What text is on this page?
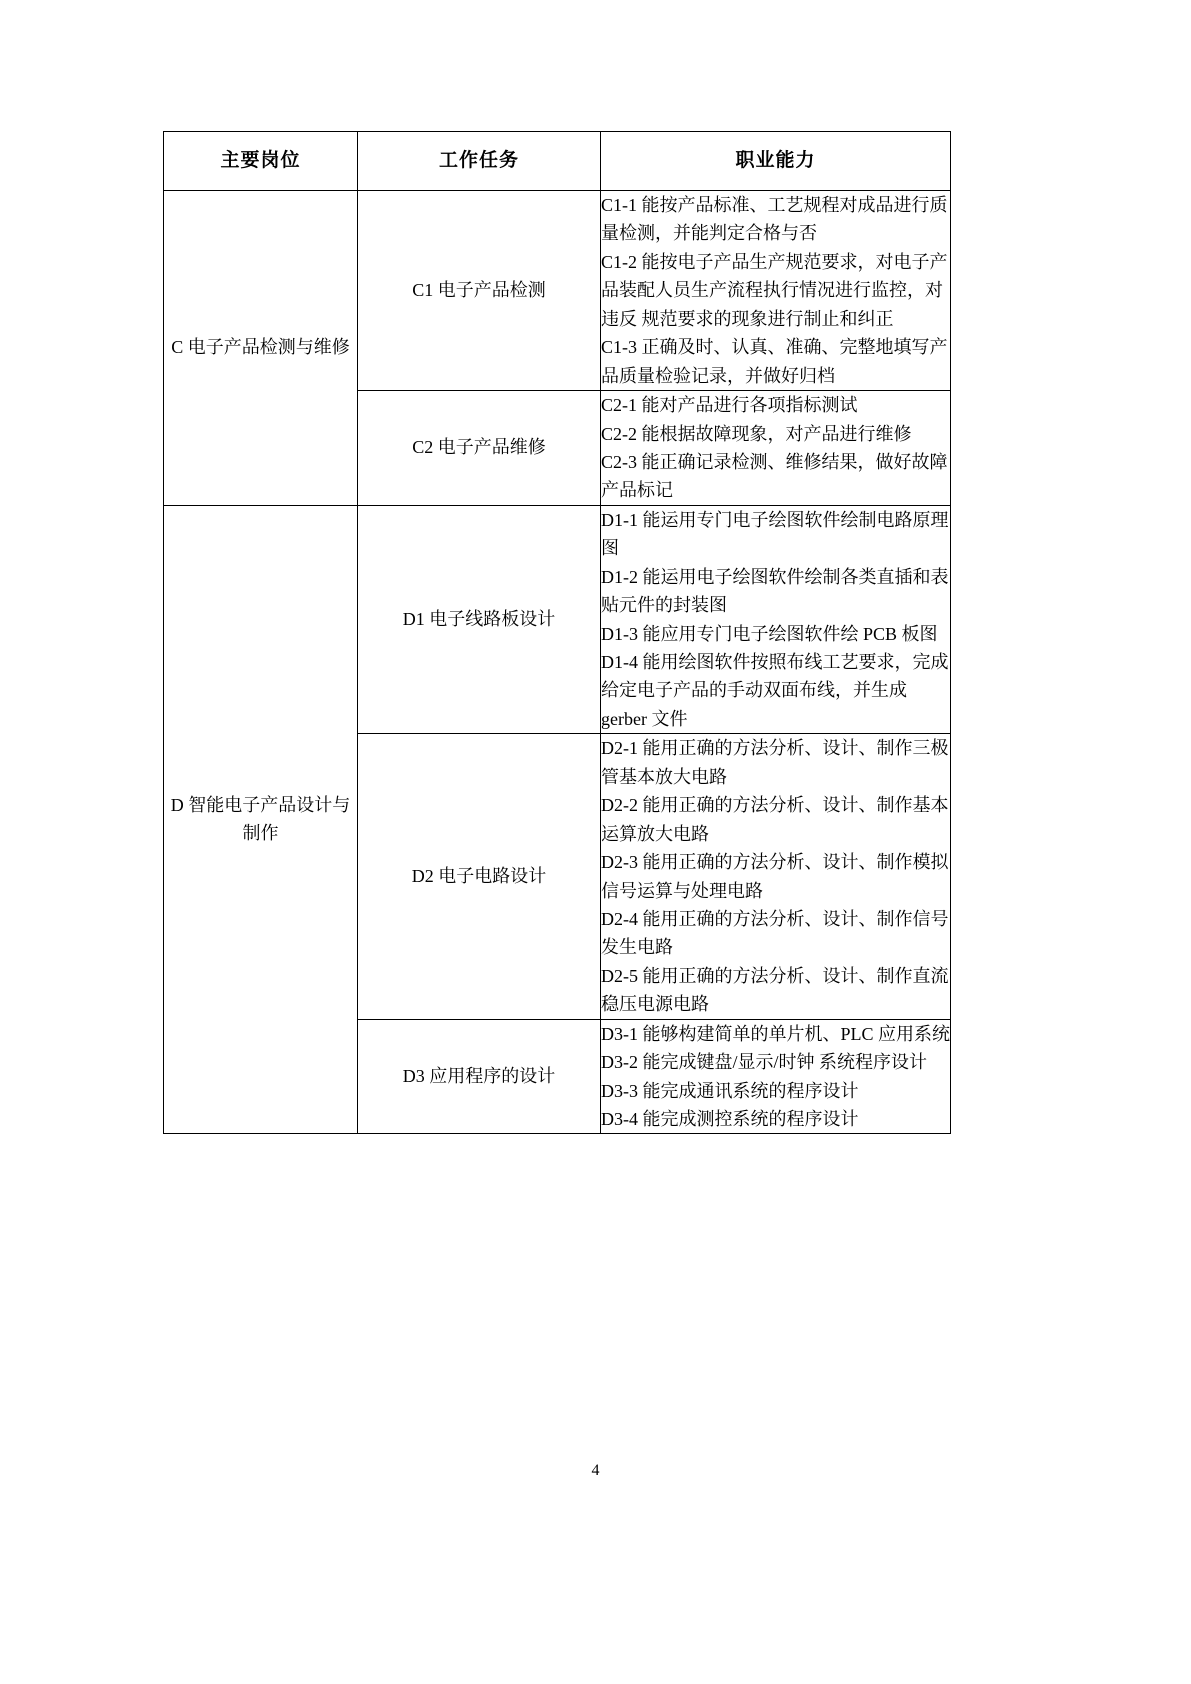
主要岗位	工作任务	职业能力
C 电子产品检测与维修	C1 电子产品检测	C1-1 能按产品标准、工艺规程对成品进行质量检测，并能判定合格与否

C1-2 能按电子产品生产规范要求，对电子产品装配人员生产流程执行情况进行监控，对违反 规范要求的现象进行制止和纠正

C1-3 正确及时、认真、准确、完整地填写产品质量检验记录，并做好归档

	C2 电子产品维修	C2-1 能对产品进行各项指标测试

C2-2 能根据故障现象，对产品进行维修

C2-3 能正确记录检测、维修结果，做好故障产品标记

D 智能电子产品设计与制作	D1 电子线路板设计	D1-1 能运用专门电子绘图软件绘制电路原理图

D1-2 能运用电子绘图软件绘制各类直插和表贴元件的封装图

D1-3 能应用专门电子绘图软件绘 PCB 板图

D1-4 能用绘图软件按照布线工艺要求，完成给定电子产品的手动双面布线，并生成 gerber 文件

	D2 电子电路设计	D2-1 能用正确的方法分析、设计、制作三极管基本放大电路

D2-2 能用正确的方法分析、设计、制作基本运算放大电路

D2-3 能用正确的方法分析、设计、制作模拟信号运算与处理电路

D2-4 能用正确的方法分析、设计、制作信号发生电路

D2-5 能用正确的方法分析、设计、制作直流稳压电源电路

	D3 应用程序的设计	D3-1 能够构建简单的单片机、PLC 应用系统

D3-2 能完成键盘/显示/时钟 系统程序设计

D3-3 能完成通讯系统的程序设计

D3-4 能完成测控系统的程序设计

4
